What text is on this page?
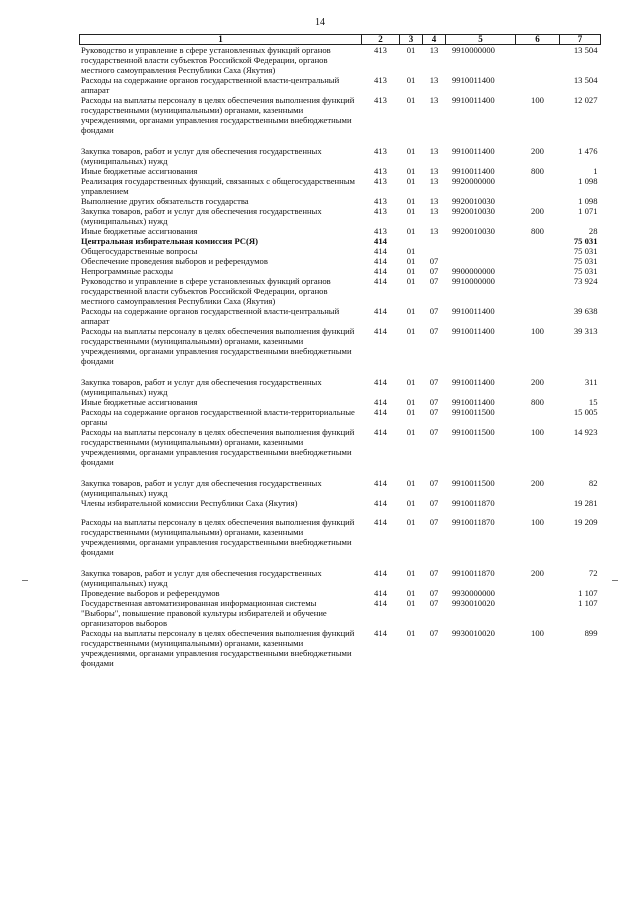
14
1	2	3	4	5	6	7
Руководство и управление в сфере установленных функций органов государственной власти субъектов Российской Федерации, органов местного самоуправления Республики Саха (Якутия)	413	01	13	9910000000		13 504
Расходы на содержание органов государственной власти-центральный аппарат	413	01	13	9910011400		13 504
Расходы на выплаты персоналу в целях обеспечения выполнения функций государственными (муниципальными) органами, казенными учреждениями, органами управления государственными внебюджетными фондами	413	01	13	9910011400	100	12 027
Закупка товаров, работ и услуг для обеспечения государственных (муниципальных) нужд	413	01	13	9910011400	200	1 476
Иные бюджетные ассигнования	413	01	13	9910011400	800	1
Реализация государственных функций, связанных с общегосударственным управлением	413	01	13	9920000000		1 098
Выполнение других обязательств государства	413	01	13	9920010030		1 098
Закупка товаров, работ и услуг для обеспечения государственных (муниципальных) нужд	413	01	13	9920010030	200	1 071
Иные бюджетные ассигнования	413	01	13	9920010030	800	28
Центральная избирательная комиссия РС(Я)	414					75 031
Общегосударственные вопросы	414	01				75 031
Обеспечение проведения выборов и референдумов	414	01	07			75 031
Непрограммные расходы	414	01	07	9900000000		75 031
Руководство и управление в сфере установленных функций органов государственной власти субъектов Российской Федерации, органов местного самоуправления Республики Саха (Якутия)	414	01	07	9910000000		73 924
Расходы на содержание органов государственной власти-центральный аппарат	414	01	07	9910011400		39 638
Расходы на выплаты персоналу в целях обеспечения выполнения функций государственными (муниципальными) органами, казенными учреждениями, органами управления государственными внебюджетными фондами	414	01	07	9910011400	100	39 313
Закупка товаров, работ и услуг для обеспечения государственных (муниципальных) нужд	414	01	07	9910011400	200	311
Иные бюджетные ассигнования	414	01	07	9910011400	800	15
Расходы на содержание органов государственной власти-территориальные органы	414	01	07	9910011500		15 005
Расходы на выплаты персоналу в целях обеспечения выполнения функций государственными (муниципальными) органами, казенными учреждениями, органами управления государственными внебюджетными фондами	414	01	07	9910011500	100	14 923
Закупка товаров, работ и услуг для обеспечения государственных (муниципальных) нужд	414	01	07	9910011500	200	82
Члены избирательной комиссии Республики Саха (Якутия)	414	01	07	9910011870		19 281
Расходы на выплаты персоналу в целях обеспечения выполнения функций государственными (муниципальными) органами, казенными учреждениями, органами управления государственными внебюджетными фондами	414	01	07	9910011870	100	19 209
Закупка товаров, работ и услуг для обеспечения государственных (муниципальных) нужд	414	01	07	9910011870	200	72
Проведение выборов и референдумов	414	01	07	9930000000		1 107
Государственная автоматизированная информационная системы "Выборы", повышение правовой культуры избирателей и обучение организаторов выборов	414	01	07	9930010020		1 107
Расходы на выплаты персоналу в целях обеспечения выполнения функций государственными (муниципальными) органами, казенными учреждениями, органами управления государственными внебюджетными фондами	414	01	07	9930010020	100	899
